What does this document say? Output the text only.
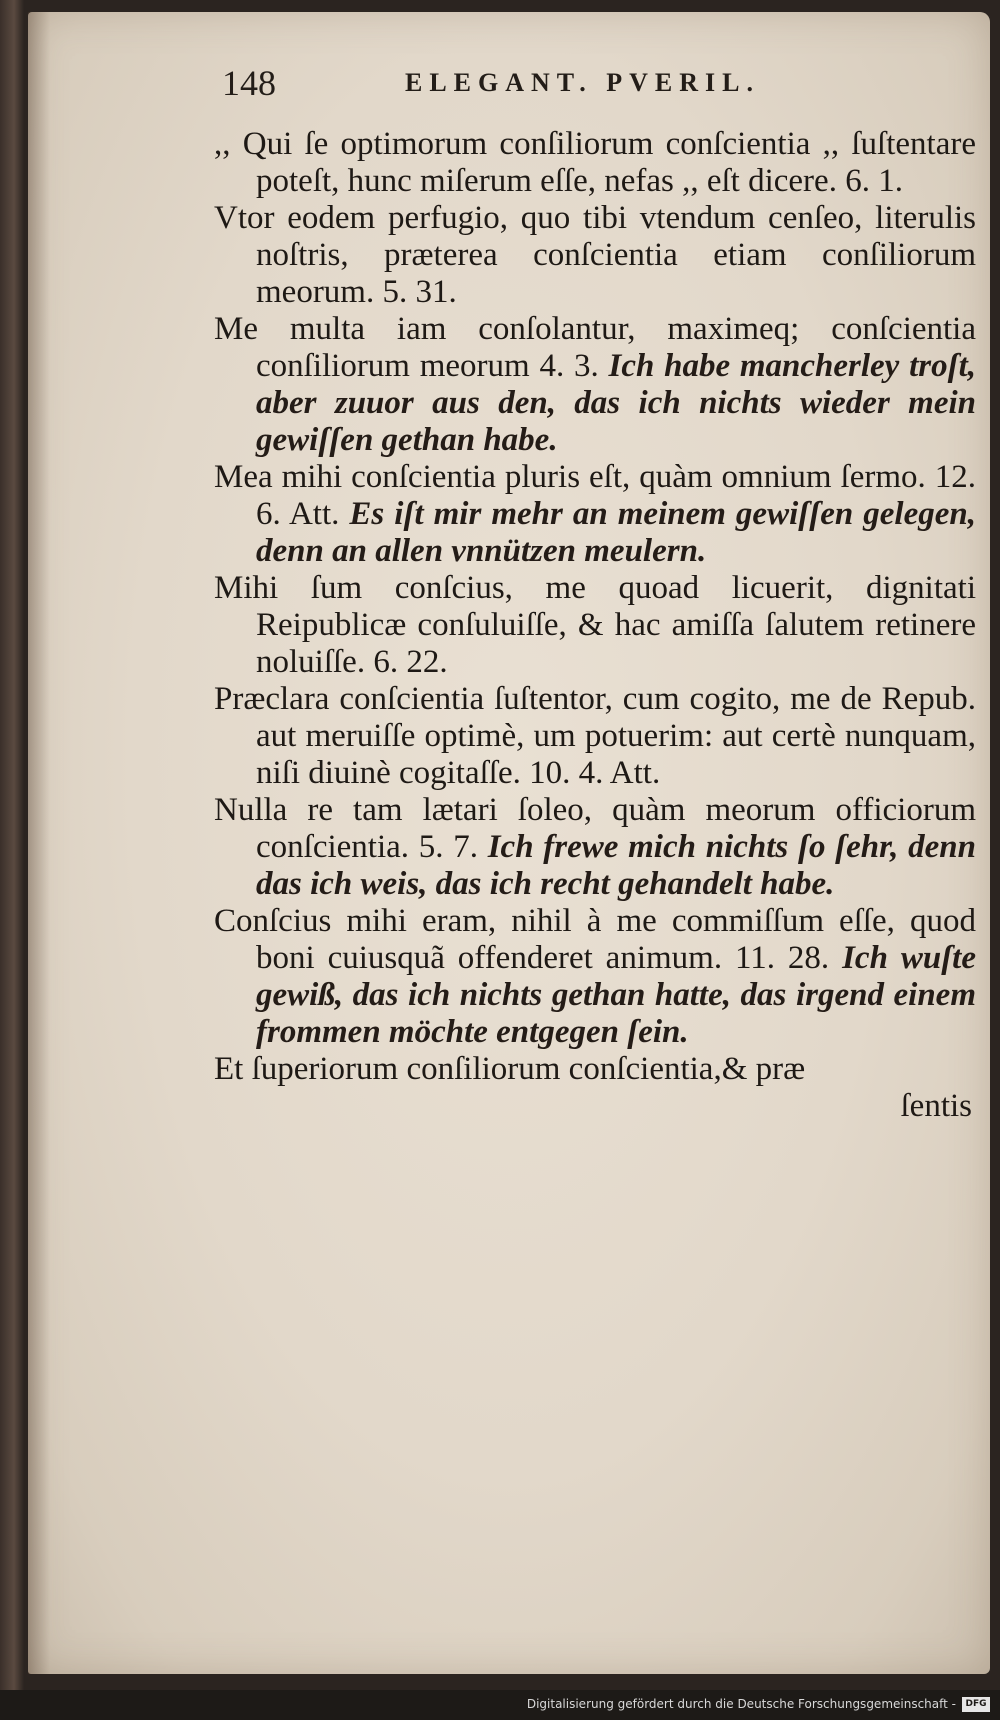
148	ELEGANT. PVERIL.

,, Qui ſe optimorum conſiliorum conſcientia ,, ſuſtentare poteſt, hunc miſerum eſſe, nefas ,, eſt dicere. 6. 1.

Vtor eodem perfugio, quo tibi vtendum cenſeo, literulis noſtris, præterea conſcientia etiam conſiliorum meorum. 5. 31.

Me multa iam conſolantur, maximeq; conſcientia conſiliorum meorum 4. 3. Ich habe mancherley troſt, aber zuuor aus den, das ich nichts wieder mein gewiſſen gethan habe.

Mea mihi conſcientia pluris eſt, quàm omnium ſermo. 12. 6. Att. Es iſt mir mehr an meinem gewiſſen gelegen, denn an allen vnnützen meulern.

Mihi ſum conſcius, me quoad licuerit, dignitati Reipublicæ conſuluiſſe, & hac amiſſa ſalutem retinere noluiſſe. 6. 22.

Præclara conſcientia ſuſtentor, cum cogito, me de Repub. aut meruiſſe optimè, um potuerim: aut certè nunquam, niſi diuinè cogitaſſe. 10. 4. Att.

Nulla re tam lætari ſoleo, quàm meorum officiorum conſcientia. 5. 7. Ich frewe mich nichts ſo ſehr, denn das ich weis, das ich recht gehandelt habe.

Conſcius mihi eram, nihil à me commiſſum eſſe, quod boni cuiusquã offenderet animum. 11. 28. Ich wuſte gewiß, das ich nichts gethan hatte, das irgend einem frommen möchte entgegen ſein.

Et ſuperiorum conſiliorum conſcientia,& præ

ſentis

Digitalisierung gefördert durch die Deutsche Forschungsgemeinschaft -	DFG
